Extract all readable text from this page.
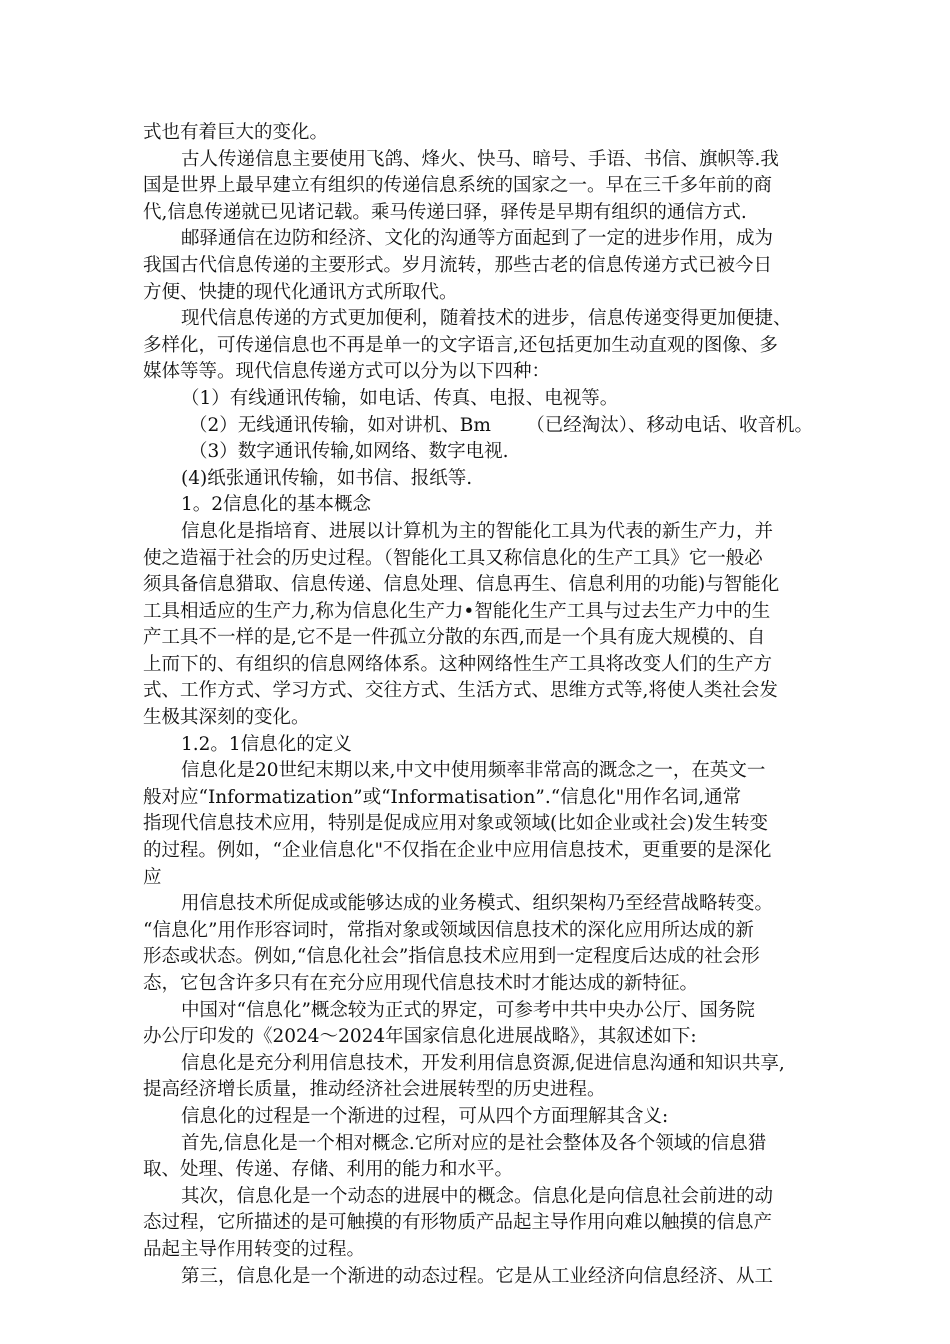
式也有着巨大的变化。
古人传递信息主要使用飞鸽、烽火、快马、暗号、手语、书信、旗帜等.我
国是世界上最早建立有组织的传递信息系统的国家之一。早在三千多年前的商
代,信息传递就已见诸记载。乘马传递曰驿，驿传是早期有组织的通信方式.
邮驿通信在边防和经济、文化的沟通等方面起到了一定的进步作用，成为
我国古代信息传递的主要形式。岁月流转，那些古老的信息传递方式已被今日
方便、快捷的现代化通讯方式所取代。
现代信息传递的方式更加便利，随着技术的进步，信息传递变得更加便捷、
多样化，可传递信息也不再是单一的文字语言,还包括更加生动直观的图像、多
媒体等等。现代信息传递方式可以分为以下四种：
（1）有线通讯传输，如电话、传真、电报、电视等。
（2）无线通讯传输，如对讲机、Bm      （已经淘汰）、移动电话、收音机。
（3）数字通讯传输,如网络、数字电视.
(4)纸张通讯传输，如书信、报纸等.
1。2信息化的基本概念
信息化是指培育、进展以计算机为主的智能化工具为代表的新生产力，并
使之造福于社会的历史过程。（智能化工具又称信息化的生产工具》它一般必
须具备信息猎取、信息传递、信息处理、信息再生、信息利用的功能)与智能化
工具相适应的生产力,称为信息化生产力•智能化生产工具与过去生产力中的生
产工具不一样的是,它不是一件孤立分散的东西,而是一个具有庞大规模的、自
上而下的、有组织的信息网络体系。这种网络性生产工具将改变人们的生产方
式、工作方式、学习方式、交往方式、生活方式、思维方式等,将使人类社会发
生极其深刻的变化。
1.2。1信息化的定义
信息化是20世纪末期以来,中文中使用频率非常高的溉念之一，在英文一
般对应“Informatization”或“Informatisation”.“信息化"用作名词,通常
指现代信息技术应用，特别是促成应用对象或领域(比如企业或社会)发生转变
的过程。例如，“企业信息化"不仅指在企业中应用信息技术，更重要的是深化
应
用信息技术所促成或能够达成的业务模式、组织架构乃至经营战略转变。
“信息化”用作形容词时，常指对象或领域因信息技术的深化应用所达成的新
形态或状态。例如,“信息化社会”指信息技术应用到一定程度后达成的社会形
态，它包含许多只有在充分应用现代信息技术时才能达成的新特征。
中国对“信息化”概念较为正式的界定，可参考中共中央办公厅、国务院
办公厅印发的《2024～2024年国家信息化进展战略》，其叙述如下:
信息化是充分利用信息技术，开发利用信息资源,促进信息沟通和知识共享,
提高经济增长质量，推动经济社会进展转型的历史进程。
信息化的过程是一个渐进的过程，可从四个方面理解其含义:
首先,信息化是一个相对概念.它所对应的是社会整体及各个领域的信息猎
取、处理、传递、存储、利用的能力和水平。
其次，信息化是一个动态的进展中的概念。信息化是向信息社会前进的动
态过程，它所描述的是可触摸的有形物质产品起主导作用向难以触摸的信息产
品起主导作用转变的过程。
第三，信息化是一个渐进的动态过程。它是从工业经济向信息经济、从工
